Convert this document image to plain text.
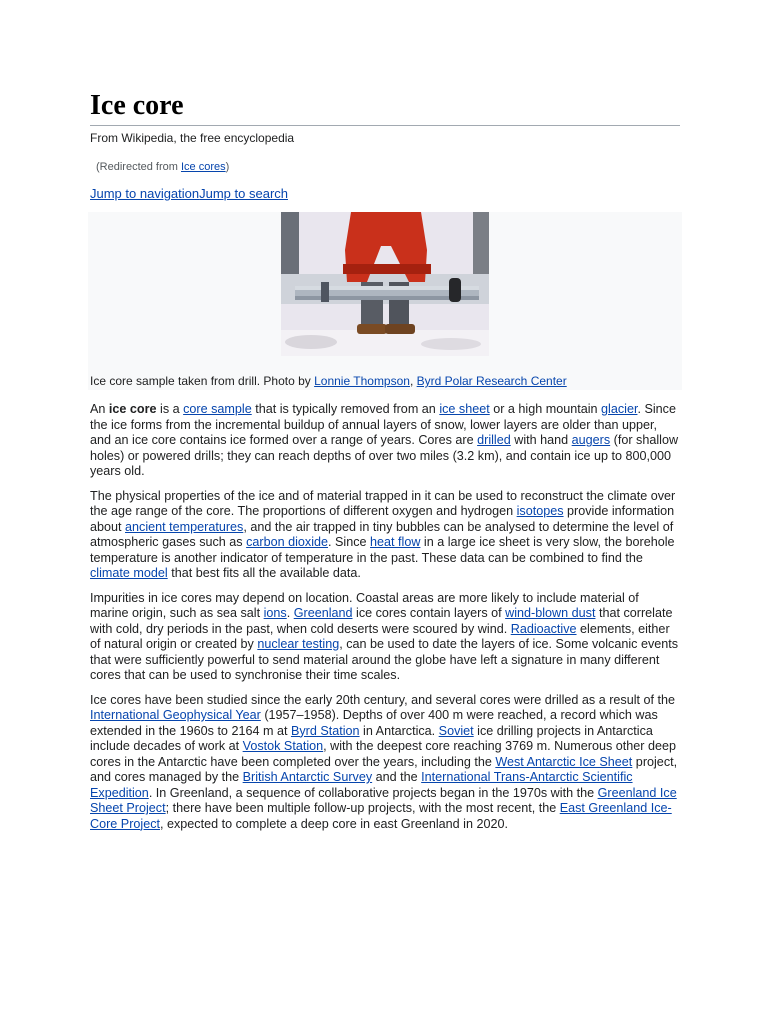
Ice core
From Wikipedia, the free encyclopedia
(Redirected from Ice cores)
Jump to navigationJump to search
Ice core sample taken from drill. Photo by Lonnie Thompson, Byrd Polar Research Center

An ice core is a core sample that is typically removed from an ice sheet or a high mountain glacier. Since the ice forms from the incremental buildup of annual layers of snow, lower layers are older than upper, and an ice core contains ice formed over a range of years. Cores are drilled with hand augers (for shallow holes) or powered drills; they can reach depths of over two miles (3.2 km), and contain ice up to 800,000 years old.

The physical properties of the ice and of material trapped in it can be used to reconstruct the climate over the age range of the core. The proportions of different oxygen and hydrogen isotopes provide information about ancient temperatures, and the air trapped in tiny bubbles can be analysed to determine the level of atmospheric gases such as carbon dioxide. Since heat flow in a large ice sheet is very slow, the borehole temperature is another indicator of temperature in the past. These data can be combined to find the climate model that best fits all the available data.

Impurities in ice cores may depend on location. Coastal areas are more likely to include material of marine origin, such as sea salt ions. Greenland ice cores contain layers of wind-blown dust that correlate with cold, dry periods in the past, when cold deserts were scoured by wind. Radioactive elements, either of natural origin or created by nuclear testing, can be used to date the layers of ice. Some volcanic events that were sufficiently powerful to send material around the globe have left a signature in many different cores that can be used to synchronise their time scales.

Ice cores have been studied since the early 20th century, and several cores were drilled as a result of the International Geophysical Year (1957–1958). Depths of over 400 m were reached, a record which was extended in the 1960s to 2164 m at Byrd Station in Antarctica. Soviet ice drilling projects in Antarctica include decades of work at Vostok Station, with the deepest core reaching 3769 m. Numerous other deep cores in the Antarctic have been completed over the years, including the West Antarctic Ice Sheet project, and cores managed by the British Antarctic Survey and the International Trans-Antarctic Scientific Expedition. In Greenland, a sequence of collaborative projects began in the 1970s with the Greenland Ice Sheet Project; there have been multiple follow-up projects, with the most recent, the East Greenland Ice-Core Project, expected to complete a deep core in east Greenland in 2020.
